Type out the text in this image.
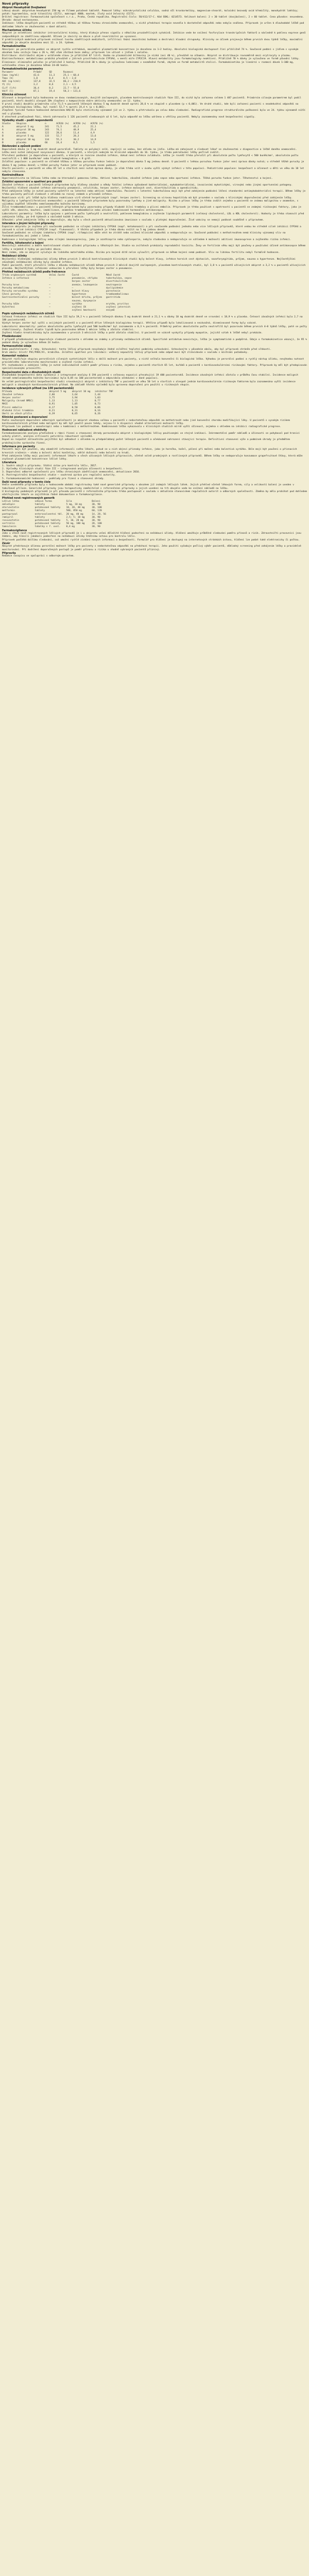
Nové přípravky
Abiprot Hexahydrát Dvojbalení
Lékový obsah: abiprotum hexahydrát 250 mg ve filmem potažené tabletě. Pomocné látky: mikrokrystalická celulóza, sodná sůl kroskarmelózy, magnesium-stearát, koloidní bezvodý oxid křemičitý, monohydrát laktózy; potah: hypromelóza, oxid titaničitý (E171), makrogol 4000, mastek, žlutý oxid železitý (E172).
Držitel registrace: Farmaceutická společnost s.r.o., Praha, Česká republika. Registrační číslo: 58/412/17-C. Kód SÚKL: 0214573. Velikost balení: 2 × 30 tablet (dvojbalení), 2 × 60 tablet. Cena původce: neuvedena. Úhrada: dosud nestanovena.
Indikace: léčba dospělých pacientů se středně těžkou až těžkou formou chronického onemocnění, u nichž předchozí terapie nevedla k dostatečné odpovědi nebo nebyla snášena. Přípravek je určen k dlouhodobé léčbě pod dohledem lékaře se zkušenostmi v dané oblasti.
Mechanismus účinku
Abiprot je selektivní inhibitor intracelulární kinázy, který blokuje přenos signálu z několika prozánětlivých cytokinů. Inhibice vede ke snížení fosforylace transkripčních faktorů a následně k poklesu exprese genů zodpovědných za zánětlivou odpověď. Účinek je závislý na dávce a plně reverzibilní po vysazení.
V preklinických modelech přípravek snižoval tvorbu zánětlivých mediátorů, infiltraci tkání imunitními buňkami a destrukci kloubní chrupavky. Klinicky se účinek projevuje během prvních dvou týdnů léčby, maximální odpovědi je obvykle dosaženo mezi 12. a 24. týdnem.
Farmakokinetika
Absorpce: po perorálním podání se abiprot rychle vstřebává, maximální plazmatické koncentrace je dosaženo za 1–2 hodiny. Absolutní biologická dostupnost činí přibližně 74 %. Současné podání s jídlem s vysokým obsahem tuku snižuje Cmax o 26 %, AUC však zůstává beze změny; přípravek lze užívat s jídlem i nalačno.
Distribuce: distribuční objem v ustáleném stavu je přibližně 87 litrů. Vazba na plazmatické bílkoviny je nízká (asi 40 %), převážně na albumin. Abiprot se distribuuje rovnoměrně mezi erytrocyty a plazmu.
Biotransformace: metabolismus probíhá převážně v játrech prostřednictvím CYP3A4, v menší míře CYP2C19. Hlavní metabolity jsou farmakologicky neaktivní. Přibližně 70 % dávky je vyloučeno ve formě původní látky.
Eliminace: eliminační poločas je přibližně 3 hodiny. Přibližně 30 % dávky je vyloučeno ledvinami v nezměněné formě, zbytek ve formě metabolitů stolicí. Farmakokinetika je lineární v rozmezí dávek 1–100 mg, ustáleného stavu je dosaženo během 24–48 hodin.
Farmakokinetické parametry
Parametr              Průměr     SD        Rozmezí
Cmax (ng/ml)          42,6       11,3      25,1 – 68,4
Tmax (h)              1,0        0,4       0,5 – 2,0
AUC (ng·h/ml)         137,8      32,5      86,2 – 210,9
t½ (h)                3,2        0,6       2,1 – 4,5
CL/F (l/h)            36,4       8,2       22,7 – 55,0
Vd/F (l)              87,1       19,4      58,3 – 131,6
Klinická účinnost
Účinnost a bezpečnost byla hodnocena ve dvou randomizovaných, dvojitě zaslepených, placebem kontrolovaných studiích fáze III, do nichž bylo zařazeno celkem 1 487 pacientů. Primárním cílovým parametrem byl podíl pacientů, kteří dosáhli alespoň 20% zlepšení v kompozitním skóre aktivity onemocnění ve 12. týdnu.
V první studii dosáhlo primárního cíle 71,5 % pacientů léčených dávkou 5 mg dvakrát denně oproti 28,6 % ve skupině s placebem (p < 0,001). Ve druhé studii, kde byli zařazeni pacienti s neadekvátní odpovědí na předchozí biologickou léčbu, byl rozdíl 52,7 % oproti 24,4 % (p < 0,001).
Zlepšení fyzické funkce hodnocené dotazníkem HAQ-DI bylo statisticky významné již ve 2. týdnu a přetrvávalo po celou dobu sledování. Radiografická progrese strukturálního poškození byla ve 24. týdnu významně nižší než u placeba.
V otevřené prodloužené fázi, která zahrnovala 1 126 pacientů sledovaných až 6 let, byla odpověď na léčbu udržena u většiny pacientů. Nebyly zaznamenány nové bezpečnostní signály.
Výsledky studií – podíl respondentů
Studie    Skupina             n       ACR20 (%)   ACR50 (%)   ACR70 (%)
A         abiprot 5 mg        241     71,5        45,2        22,1
A         abiprot 10 mg       243     74,1        48,9        25,4
A         placebo             122     28,6        11,4        4,9
B         abiprot 5 mg        133     52,7        28,3        13,6
B         abiprot 10 mg       134     55,3        30,2        14,9
B         placebo             66      24,4        8,5         1,5
Dávkování a způsob podání
Doporučená dávka je 5 mg dvakrát denně perorálně. Tablety se polykají celé, zapíjejí se vodou, bez ohledu na jídlo. Léčbu má zahajovat a sledovat lékař se zkušenostmi v diagnostice a léčbě daného onemocnění.
Léčbu není nutné zahajovat nasycovací dávkou. U pacientů, u kterých nedojde ke klinické odpovědi do 16. týdnu, je třeba pokračování léčby pečlivě zvážit.
Přerušení podávání je doporučeno u pacientů, u kterých se rozvine závažná infekce, dokud není infekce zvládnuta. Léčbu je rovněž třeba přerušit při absolutním počtu lymfocytů < 500 buněk/mm³, absolutním počtu neutrofilů < 1 000 buněk/mm³ nebo hladině hemoglobinu < 8 g/dl.
Zvláštní populace: u pacientů se středně těžkou a těžkou poruchou funkce ledvin je doporučená dávka 5 mg jednou denně. U pacientů s lehkou poruchou funkce jater není úprava dávky nutná; u středně těžké poruchy je dávka 5 mg jednou denně; u těžké poruchy funkce jater se přípravek nesmí podávat.
Starší pacienti: u pacientů ve věku 65 let a starších není nutná úprava dávky, je však třeba vzít v úvahu vyšší výskyt infekcí v této populaci. Pediatrická populace: bezpečnost a účinnost u dětí ve věku do 18 let nebyla stanovena.
Kontraindikace
Hypersenzitivita na léčivou látku nebo na kteroukoli pomocnou látku. Aktivní tuberkulóza, závažné infekce jako sepse nebo oportunní infekce. Těžká porucha funkce jater. Těhotenství a kojení.
Zvláštní upozornění a opatření pro použití
Závažné infekce: u pacientů léčených přípravkem byly hlášeny závažné a někdy fatální infekce způsobené bakteriálními, mykobakteriálními, invazivními mykotickými, virovými nebo jinými oportunními patogeny. Nejčastěji hlášené závažné infekce zahrnovaly pneumonii, celulitidu, herpes zoster, infekce močových cest, divertikulitidu a apendicitidu.
Před zahájením léčby je nutné pacienty vyšetřit na latentní nebo aktivní tuberkulózu. Pacienti s latentní tuberkulózou mají být před zahájením podávání léčeni standardní antimykobakteriální terapií. Během léčby je třeba pacienty pečlivě sledovat s ohledem na rozvoj známek a příznaků infekce.
Reaktivace virů: při léčbě byla hlášena reaktivace virů včetně herpetických (např. herpes zoster). Screening na virovou hepatitidu má být proveden v souladu s klinickými doporučeními před zahájením léčby.
Malignity a lymfoproliferativní onemocnění: u pacientů léčených přípravkem byly pozorovány lymfomy a jiné malignity. Riziko a přínos léčby je třeba zvážit zejména u pacientů se známou malignitou v anamnéze, s výjimkou úspěšně léčeného nemelanomového kožního karcinomu.
Žilní tromboembolismus: u pacientů léčených přípravkem byly pozorovány případy hluboké žilní trombózy a plicní embolie. Přípravek je třeba používat s opatrností u pacientů se známými rizikovými faktory, jako je vyšší věk, obezita, kouření, imobilizace, anamnéza tromboembolie nebo užívání kombinované hormonální antikoncepce.
Laboratorní parametry: léčba byla spojena s poklesem počtu lymfocytů a neutrofilů, poklesem hemoglobinu a zvýšením lipidových parametrů (celkový cholesterol, LDL a HDL cholesterol). Hodnoty je třeba stanovit před zahájením léčby, po 4–8 týdnech a následně každé 3 měsíce.
Očkování: před zahájením léčby se doporučuje, aby byla u všech pacientů aktualizována imunizace v souladu s platnými doporučeními. Živé vakcíny se nemají podávat souběžně s přípravkem.
Interakce s jinými léčivými přípravky
Expozice abiprotu je zvýšena při současném podávání se silnými inhibitory CYP3A4 (např. ketokonazol) a při současném podávání jednoho nebo více léčivých přípravků, které vedou ke středně silné inhibici CYP3A4 a zároveň k silné inhibici CYP2C19 (např. flukonazol). V těchto případech je třeba dávku snížit na 5 mg jednou denně.
Současné podávání se silnými induktory CYP3A4 (např. rifampicin) může vést ke ztrátě nebo snížení klinické odpovědi a nedoporučuje se. Současné podávání s methotrexátem nemá klinicky významný vliv na farmakokinetiku ani jedné z látek.
Kombinace s biologickými léčivy nebo silnými imunosupresivy, jako je azathioprin nebo cyklosporin, nebyla studována a nedoporučuje se vzhledem k možnosti aditivní imunosuprese a zvýšeného rizika infekcí.
Fertilita, těhotenství a kojení
Neexistují adekvátní a dobře kontrolované studie užívání přípravku u těhotných žen. Studie na zvířatech prokázaly reprodukční toxicitu. Ženy ve fertilním věku mají být poučeny o používání účinné antikoncepce během léčby a nejméně 4 týdny po poslední dávce.
Není známo, zda se abiprot vylučuje do lidského mateřského mléka. Riziko pro kojené dítě nelze vyloučit; přípravek se během kojení nemá podávat. Vliv na lidskou fertilitu nebyl formálně hodnocen.
Nežádoucí účinky
Nejčastěji hlášenými nežádoucími účinky během prvních 3 měsíců kontrolovaných klinických studií byly bolest hlavy, infekce horních cest dýchacích, nazofaryngitida, průjem, nauzea a hypertenze. Nejčastějšími závažnými nežádoucími účinky byly závažné infekce.
Podíl pacientů, kteří přerušili léčbu z důvodu nežádoucích účinků během prvních 3 měsíců dvojitě zaslepených, placebem kontrolovaných studií, byl 3,8 % u pacientů užívajících abiprot a 3,2 % u pacientů užívajících placebo. Nejčastějšími infekcemi vedoucími k přerušení léčby byly herpes zoster a pneumonie.
Přehled nežádoucích účinků podle frekvence
Třída orgánových systémů         Velmi časté     Časté                   Méně časté
Infekce a infestace              –               pneumonie, chřipka      tuberkulóza, sepse
herpes zoster           divertikulitida
Poruchy krve                     –               anemie, leukopenie      neutropenie
Poruchy metabolismu              –               –                       dyslipidemie
Poruchy nervového systému        –               bolest hlavy            parestezie
Cévní poruchy                    –               hypertenze              tromboembolismus
Gastrointestinální poruchy       –               bolest břicha, průjem   gastritida
nauzea, dyspepsie
Poruchy kůže                     –               vyrážka                 erytém, pruritus
Vyšetření                        –               zvýšení CK              zvýšení jaterních
zvýšení hmotnosti       enzymů
Popis vybraných nežádoucích účinků
Celková frekvence infekcí ve studiích fáze III byla 19,2 % u pacientů léčených dávkou 5 mg dvakrát denně a 21,1 % u dávky 10 mg dvakrát denně ve srovnání s 18,9 % u placeba. Četnost závažných infekcí byla 2,7 na 100 pacientoroků.
Výskyt herpes zoster byl vyšší u asijských pacientů a u pacientů dříve léčených biologickou terapií. Většina případů byla lokalizovaná a nezávažná, diseminované formy byly vzácné.
Laboratorní abnormality: pokles absolutního počtu lymfocytů pod 500 buněk/mm³ byl zaznamenán u 0,3 % pacientů. Průměrný pokles absolutního počtu neutrofilů byl pozorován během prvních 4–8 týdnů léčby, poté se počty stabilizovaly. Zvýšení hladin lipidů bylo pozorováno během 1 měsíce léčby a zůstalo stabilní.
Zvýšení hladin kreatinkinázy bylo zaznamenáno v prvních 3 měsících léčby a poté zůstalo stabilní. U pacientů se vzácně vyskytly případy myopatie, jejichž vztah k léčbě nebyl prokázán.
Předávkování
V případě předávkování se doporučuje sledovat pacienta s ohledem na známky a příznaky nežádoucích účinků. Specifické antidotum neexistuje, léčba je symptomatická a podpůrná. Údaje o farmakokinetice ukazují, že 95 % podané dávky je vyloučeno během 24 hodin.
Farmaceutické údaje
Doba použitelnosti: 3 roky. Uchovávání: tento léčivý přípravek nevyžaduje žádné zvláštní teplotní podmínky uchovávání. Uchovávejte v původním obalu, aby byl přípravek chráněn před vlhkostí.
Druh obalu: blistr PVC/PVDC/Al, krabička. Zvláštní opatření pro likvidaci: veškerý nepoužitý léčivý přípravek nebo odpad musí být zlikvidován v souladu s místními požadavky.
Komentář redakce
Abiprot rozšiřuje skupinu perorálních cílených syntetických léčiv o další možnost pro pacienty, u nichž selhala konvenční či biologická léčba. Výhodou je perorální podání a rychlý nástup účinku, nevýhodou nutnost pravidelného laboratorního monitorování a zvýšené riziko infekcí.
Při rozhodování o zahájení léčby je nutné individuálně zvážit poměr přínosu a rizika, zejména u pacientů starších 65 let, kuřáků a pacientů s kardiovaskulárními rizikovými faktory. Přípravek by měl být předepisován specializovanými pracovišti.
Bezpečnostní data z dlouhodobých studií
Dlouhodobá bezpečnostní data vycházejí z integrované analýzy 6 194 pacientů s celkovou expozicí přesahující 19 400 pacientoroků. Incidence závažných infekcí zůstala v průběhu času stabilní. Incidence malignit (kromě nemelanomového kožního karcinomu) byla 0,85 na 100 pacientoroků a odpovídala očekávání v dané populaci.
Ve velké postregistrační bezpečnostní studii srovnávající abiprot s inhibitory TNF u pacientů ve věku 50 let a starších s alespoň jedním kardiovaskulárním rizikovým faktorem byla zaznamenána vyšší incidence malignit a závažných kardiovaskulárních příhod. Na základě těchto výsledků byla upravena doporučení pro použití u rizikových skupin.
Incidence vybraných příhod (na 100 pacientoroků)
Příhoda                          abiprot 5 mg    abiprot 10 mg   inhibitor TNF
Závažné infekce                  2,86            3,64            2,44
Herpes zoster                    3,75            3,94            1,03
Malignity (kromě NMSC)           1,13            1,13            0,77
MACE                             0,91            1,05            0,73
Plicní embolie                   0,17            0,50            0,06
Hluboká žilní trombóza           0,21            0,31            0,16
Úmrtí ze všech příčin            0,39            0,65            0,26
Klinické postavení a doporučení
Podle současných doporučení odborných společností je abiprot vhodnou volbou u pacientů s nedostatečnou odpovědí na methotrexát nebo jiné konvenční chorobu modifikující léky. U pacientů s vysokým rizikem kardiovaskulárních příhod nebo malignit by měl být použit pouze tehdy, nejsou-li k dispozici vhodné alternativní možnosti léčby.
Přípravek lze podávat v monoterapii nebo v kombinaci s methotrexátem. Kombinovaná léčba vykazovala v klinických studiích mírně vyšší účinnost, zejména s ohledem na inhibici radiografické progrese.
Hodnocení nákladové efektivity
Farmakoekonomická analýza předložená v rámci řízení o stanovení úhrady porovnávala abiprot s biologickými léčivy používanými ve stejné indikaci. Inkrementální poměr nákladů a účinnosti se pohyboval pod hranicí ochoty platit, analýza citlivosti potvrdila robustnost výsledků.
Dopad na rozpočet zdravotního pojištění byl odhadnut s ohledem na předpokládaný počet léčených pacientů a očekávané nahrazení stávající terapie. Definitivní stanovení výše a podmínek úhrady je předmětem probíhajícího správního řízení.
Informace pro pacienty
Pacienti mají být poučeni, aby okamžitě informovali svého lékaře, pokud se u nich objeví příznaky infekce, jako je horečka, kašel, pálení při močení nebo bolestivá vyrážka. Dále mají být poučeni o příznacích krevních sraženin – otoku a bolesti dolní končetiny, náhlé dušnosti nebo bolesti na hrudi.
Před zahájením léčby mají pacienti informovat lékaře o všech užívaných léčivých přípravcích, včetně volně prodejných a rostlinných přípravků. Během léčby se nedoporučuje konzumace grapefruitové šťávy, která může zvyšovat plazmatické koncentrace léčivé látky.
Literatura
1. Souhrn údajů o přípravku. Státní ústav pro kontrolu léčiv, 2017.
2. Výsledky klinických studií fáze III – integrovaná analýza účinnosti a bezpečnosti.
3. Doporučení odborné společnosti pro léčbu chronických zánětlivých onemocnění, aktualizace 2016.
4. Postregistrační bezpečnostní studie – souhrnná zpráva pro regulační autority.
5. Farmakoekonomické hodnocení – podklady pro řízení o stanovení úhrady.
Další nové přípravky v tomto čísle
Vedle uvedeného přípravku byly v hodnoceném období registrovány také nové generické přípravky s obsahem již známých léčivých látek. Jejich přehled včetně lékových forem, síly a velikostí balení je uveden v tabulkové příloze. Generické přípravky jsou terapeuticky zaměnitelné s referenčními přípravky a jejich uvedení na trh obvykle vede ke snížení nákladů na léčbu.
U biologicky podobných přípravků je při převodu pacientů z referenčního přípravku třeba postupovat v souladu s aktuálním stanoviskem regulačních autorit a odborných společností. Záměna by měla probíhat pod dohledem ošetřujícího lékaře se zajištěním řádné dokumentace a farmakovigilance.
Přehled nově registrovaných generik
Léčivá látka           Léková forma          Síla              Balení
amlodipin              tablety               5 mg, 10 mg       30, 90
atorvastatin           potahované tablety    10, 20, 40 mg     30, 100
metformin              tablety               500, 850 mg       60, 120
pantoprazol            enterosolventní tbl.  20 mg, 40 mg      14, 28, 56
ramipril               tablety               2,5; 5; 10 mg     30, 90
rosuvastatin           potahované tablety    5, 10, 20 mg      30, 90
sertralin              potahované tablety    50 mg, 100 mg     28, 100
tamsulosin             tobolky s ř. uvol.    0,4 mg            30, 90
Farmakovigilance
Jako u všech nově registrovaných léčivých přípravků je i u abiprotu velmi důležité hlášení podezření na nežádoucí účinky. Hlášení umožňuje průběžné sledování poměru přínosů a rizik. Zdravotničtí pracovníci jsou žádáni, aby hlásili jakákoli podezření na nežádoucí účinky Státnímu ústavu pro kontrolu léčiv.
Přípravek podléhá dalšímu sledování, což umožní rychlé získání nových informací o bezpečnosti. Formulář pro hlášení je dostupný na internetových stránkách ústavu, hlášení lze podat také elektronicky či poštou.
Závěr
Abiprot představuje účinnou perorální možnost léčby pro pacienty s nedostatečnou odpovědí na předchozí terapii. Jeho použití vyžaduje pečlivý výběr pacientů, důkladný screening před zahájením léčby a pravidelné monitorování. Při dodržení doporučených postupů je poměr přínosu a rizika u vhodně vybraných pacientů příznivý.
Připravila
Redakce časopisu ve spolupráci s odborným garantem.
